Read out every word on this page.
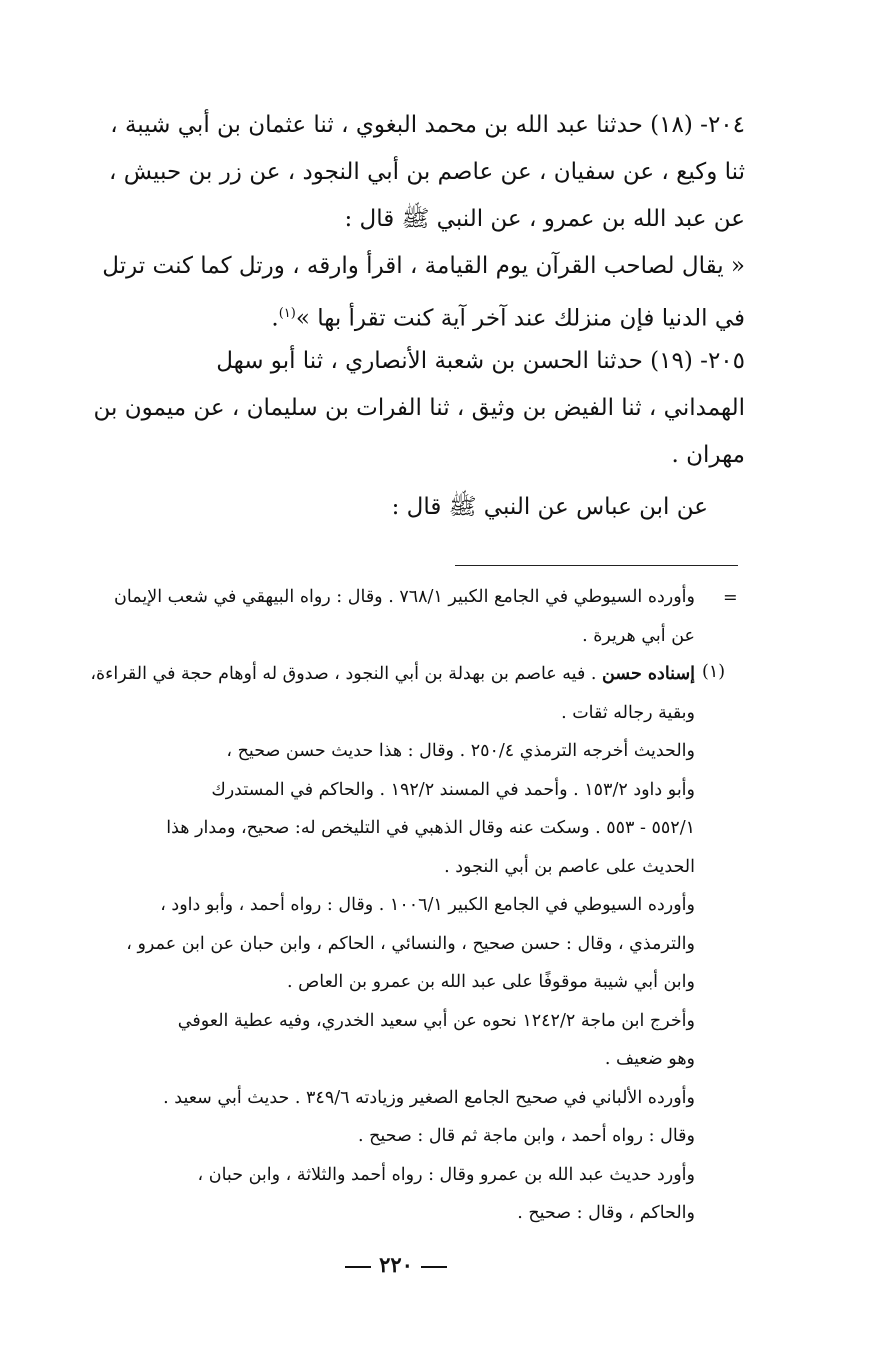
٢٠٤- (١٨) حدثنا عبد الله بن محمد البغوي ، ثنا عثمان بن أبي شيبة ،
ثنا وكيع ، عن سفيان ، عن عاصم بن أبي النجود ، عن زر بن حبيش ،
عن عبد الله بن عمرو ، عن النبي ﷺ قال :
« يقال لصاحب القرآن يوم القيامة ، اقرأ وارقه ، ورتل كما كنت ترتل
في الدنيا فإن منزلك عند آخر آية كنت تقرأ بها »$^{(١)}$.
٢٠٥- (١٩) حدثنا الحسن بن شعبة الأنصاري ، ثنا أبو سهل
الهمداني ، ثنا الفيض بن وثيق ، ثنا الفرات بن سليمان ، عن ميمون بن
مهران .
عن ابن عباس عن النبي ﷺ قال :
=
(١)

وأورده السيوطي في الجامع الكبير ٧٦٨/١ . وقال : رواه البيهقي في شعب الإيمان
عن أبي هريرة .

إسناده حسن . فيه عاصم بن بهدلة بن أبي النجود ، صدوق له أوهام حجة في القراءة،
وبقية رجاله ثقات .

والحديث أخرجه الترمذي ٢٥٠/٤ . وقال : هذا حديث حسن صحيح ،
وأبو داود ١٥٣/٢ . وأحمد في المسند ١٩٢/٢ . والحاكم في المستدرك
٥٥٢/١ - ٥٥٣ . وسكت عنه وقال الذهبي في التليخص له: صحيح، ومدار هذا
الحديث على عاصم بن أبي النجود .

وأورده السيوطي في الجامع الكبير ١٠٠٦/١ . وقال : رواه أحمد ، وأبو داود ،
والترمذي ، وقال : حسن صحيح ، والنسائي ، الحاكم ، وابن حبان عن ابن عمرو ،
وابن أبي شيبة موقوفًا على عبد الله بن عمرو بن العاص .

وأخرج ابن ماجة ١٢٤٢/٢ نحوه عن أبي سعيد الخدري، وفيه عطية العوفي
وهو ضعيف .

وأورده الألباني في صحيح الجامع الصغير وزيادته ٣٤٩/٦ . حديث أبي سعيد .
وقال : رواه أحمد ، وابن ماجة ثم قال : صحيح .

وأورد حديث عبد الله بن عمرو وقال : رواه أحمد والثلاثة ، وابن حبان ،
والحاكم ، وقال : صحيح .

٢٢٠
